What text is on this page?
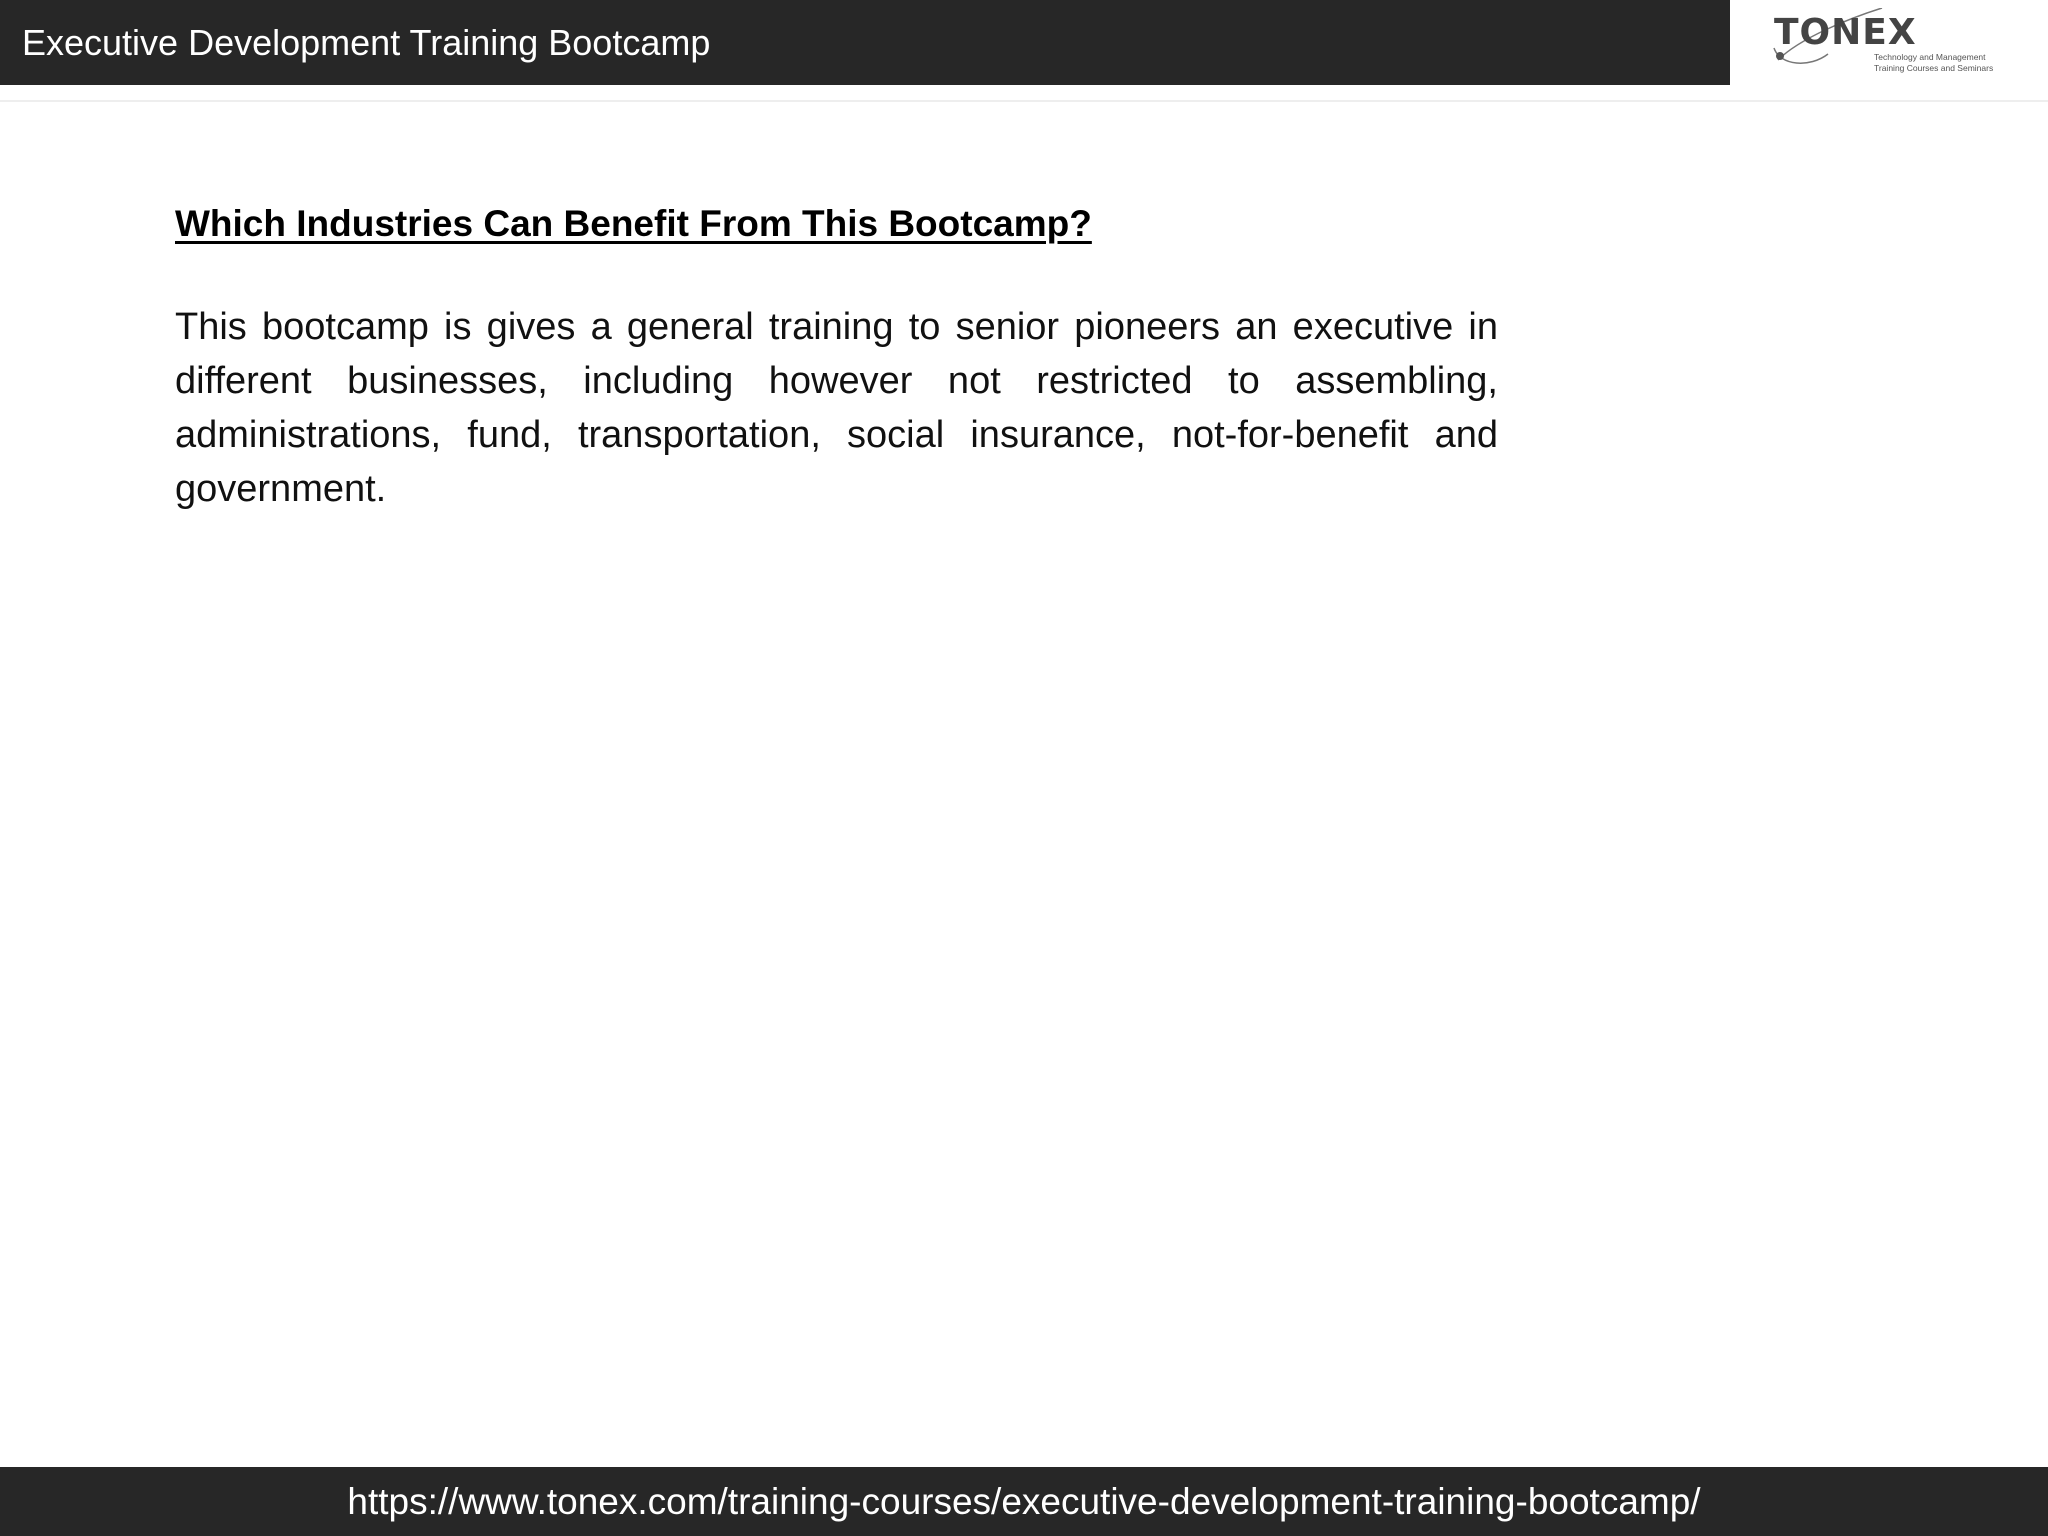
Executive Development Training Bootcamp	TONEX
Technology and Management
Training Courses and Seminars
Which Industries Can Benefit From This Bootcamp?

This bootcamp is gives a general training to senior pioneers an executive in different businesses, including however not restricted to assembling, administrations, fund, transportation, social insurance, not-for-benefit and government.

https://www.tonex.com/training-courses/executive-development-training-bootcamp/
